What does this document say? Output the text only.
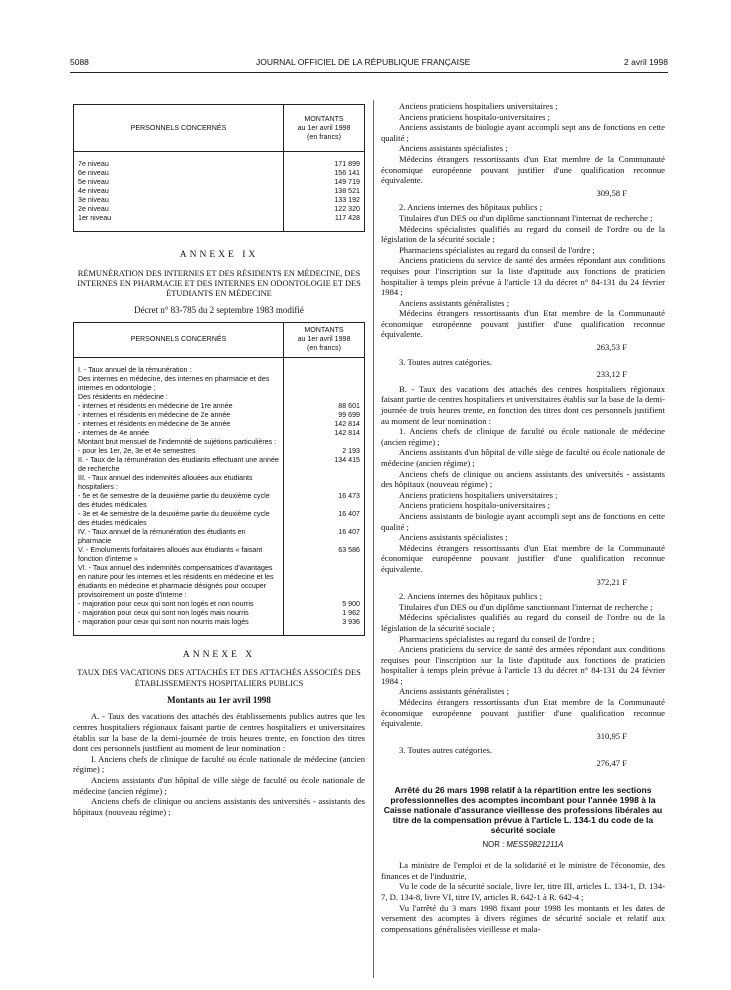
5088	JOURNAL OFFICIEL DE LA RÉPUBLIQUE FRANÇAISE	2 avril 1998
PERSONNELS CONCERNÉS	MONTANTS
au 1er avril 1998
(en francs)

7e niveau	171 899
6e niveau	156 141
5e niveau	149 719
4e niveau	138 521
3e niveau	133 192
2e niveau	122 320
1er niveau	117 428

ANNEXE IX
RÉMUNÉRATION DES INTERNES ET DES RÉSIDENTS EN MÉDECINE, DES INTERNES EN PHARMACIE ET DES INTERNES EN ODONTOLOGIE ET DES ÉTUDIANTS EN MÉDECINE
Décret n° 83-785 du 2 septembre 1983 modifié
PERSONNELS CONCERNÉS	MONTANTS
au 1er avril 1998
(en francs)

I. - Taux annuel de la rémunération :	
Des internes en médecine, des internes en pharmacie et des internes en odontologie ;	
Des résidents en médecine :	
- internes et résidents en médecine de 1re année	88 601
- internes et résidents en médecine de 2e année	99 699
- internes et résidents en médecine de 3e année	142 814
- internes de 4e année	142 814
Montant brut mensuel de l'indemnité de sujétions particulières :	
- pour les 1er, 2e, 3e et 4e semestres	2 193
II. - Taux de la rémunération des étudiants effectuant une année de recherche	134 415
III. - Taux annuel des indemnités allouées aux étudiants hospitaliers :	
- 5e et 6e semestre de la deuxième partie du deuxième cycle des études médicales	16 473
- 3e et 4e semestre de la deuxième partie du deuxième cycle des études médicales	16 407
IV. - Taux annuel de la rémunération des étudiants en pharmacie	16 407
V. - Emoluments forfaitaires alloués aux étudiants « faisant fonction d'interne »	63 586
VI. - Taux annuel des indemnités compensatrices d'avantages en nature pour les internes et les résidents en médecine et les étudiants en médecine et pharmacie désignés pour occuper provisoirement un poste d'interne :	
- majoration pour ceux qui sont non logés et non nourris	5 900
- majoration pour ceux qui sont non logés mais nourris	1 962
- majoration pour ceux qui sont non nourris mais logés	3 936

ANNEXE X
TAUX DES VACATIONS DES ATTACHÉS ET DES ATTACHÉS ASSOCIÉS DES ÉTABLISSEMENTS HOSPITALIERS PUBLICS
Montants au 1er avril 1998

A. - Taux des vacations des attachés des établissements publics autres que les centres hospitaliers régionaux faisant partie de centres hospitaliers et universitaires établis sur la base de la demi-journée de trois heures trente, en fonction des titres dont ces personnels justifient au moment de leur nomination :

I. Anciens chefs de clinique de faculté ou école nationale de médecine (ancien régime) ;

Anciens assistants d'un hôpital de ville siège de faculté ou école nationale de médecine (ancien régime) ;

Anciens chefs de clinique ou anciens assistants des universités - assistants des hôpitaux (nouveau régime) ;

Anciens praticiens hospitaliers universitaires ;

Anciens praticiens hospitalo-universitaires ;

Anciens assistants de biologie ayant accompli sept ans de fonctions en cette qualité ;

Anciens assistants spécialistes ;

Médecins étrangers ressortissants d'un Etat membre de la Communauté économique européenne pouvant justifier d'une qualification reconnue équivalente.

309,58 F

2. Anciens internes des hôpitaux publics ;

Titulaires d'un DES ou d'un diplôme sanctionnant l'internat de recherche ;

Médecins spécialistes qualifiés au regard du conseil de l'ordre ou de la législation de la sécurité sociale ;

Pharmaciens spécialistes au regard du conseil de l'ordre ;

Anciens praticiens du service de santé des armées répondant aux conditions requises pour l'inscription sur la liste d'aptitude aux fonctions de praticien hospitalier à temps plein prévue à l'article 13 du décret n° 84-131 du 24 février 1984 ;

Anciens assistants généralistes ;

Médecins étrangers ressortissants d'un Etat membre de la Communauté économique européenne pouvant justifier d'une qualification reconnue équivalente.

263,53 F

3. Toutes autres catégories.

233,12 F

B. - Taux des vacations des attachés des centres hospitaliers régionaux faisant partie de centres hospitaliers et universitaires établis sur la base de la demi-journée de trois heures trente, en fonction des titres dont ces personnels justifient au moment de leur nomination :

1. Anciens chefs de clinique de faculté ou école nationale de médecine (ancien régime) ;

Anciens assistants d'un hôpital de ville siège de faculté ou école nationale de médecine (ancien régime) ;

Anciens chefs de clinique ou anciens assistants des universités - assistants des hôpitaux (nouveau régime) ;

Anciens praticiens hospitaliers universitaires ;

Anciens praticiens hospitalo-universitaires ;

Anciens assistants de biologie ayant accompli sept ans de fonctions en cette qualité ;

Anciens assistants spécialistes ;

Médecins étrangers ressortissants d'un Etat membre de la Communauté économique européenne pouvant justifier d'une qualification reconnue équivalente.

372,21 F

2. Anciens internes des hôpitaux publics ;

Titulaires d'un DES ou d'un diplôme sanctionnant l'internat de recherche ;

Médecins spécialistes qualifiés au regard du conseil de l'ordre ou de la législation de la sécurité sociale ;

Pharmaciens spécialistes au regard du conseil de l'ordre ;

Anciens praticiens du service de santé des armées répondant aux conditions requises pour l'inscription sur la liste d'aptitude aux fonctions de praticien hospitalier à temps plein prévue à l'article 13 du décret n° 84-131 du 24 février 1984 ;

Anciens assistants généralistes ;

Médecins étrangers ressortissants d'un Etat membre de la Communauté économique européenne pouvant justifier d'une qualification reconnue équivalente.

310,95 F

3. Toutes autres catégories.

276,47 F

Arrêté du 26 mars 1998 relatif à la répartition entre les sections professionnelles des acomptes incombant pour l'année 1998 à la Caisse nationale d'assurance vieillesse des professions libérales au titre de la compensation prévue à l'article L. 134-1 du code de la sécurité sociale
NOR : MESS9821211A

La ministre de l'emploi et de la solidarité et le ministre de l'économie, des finances et de l'industrie,

Vu le code de la sécurité sociale, livre Ier, titre III, articles L. 134-1, D. 134-7, D. 134-8, livre VI, titre IV, articles R. 642-1 à R. 642-4 ;

Vu l'arrêté du 3 mars 1998 fixant pour 1998 les montants et les dates de versement des acomptes à divers régimes de sécurité sociale et relatif aux compensations généralisées vieillesse et mala-
